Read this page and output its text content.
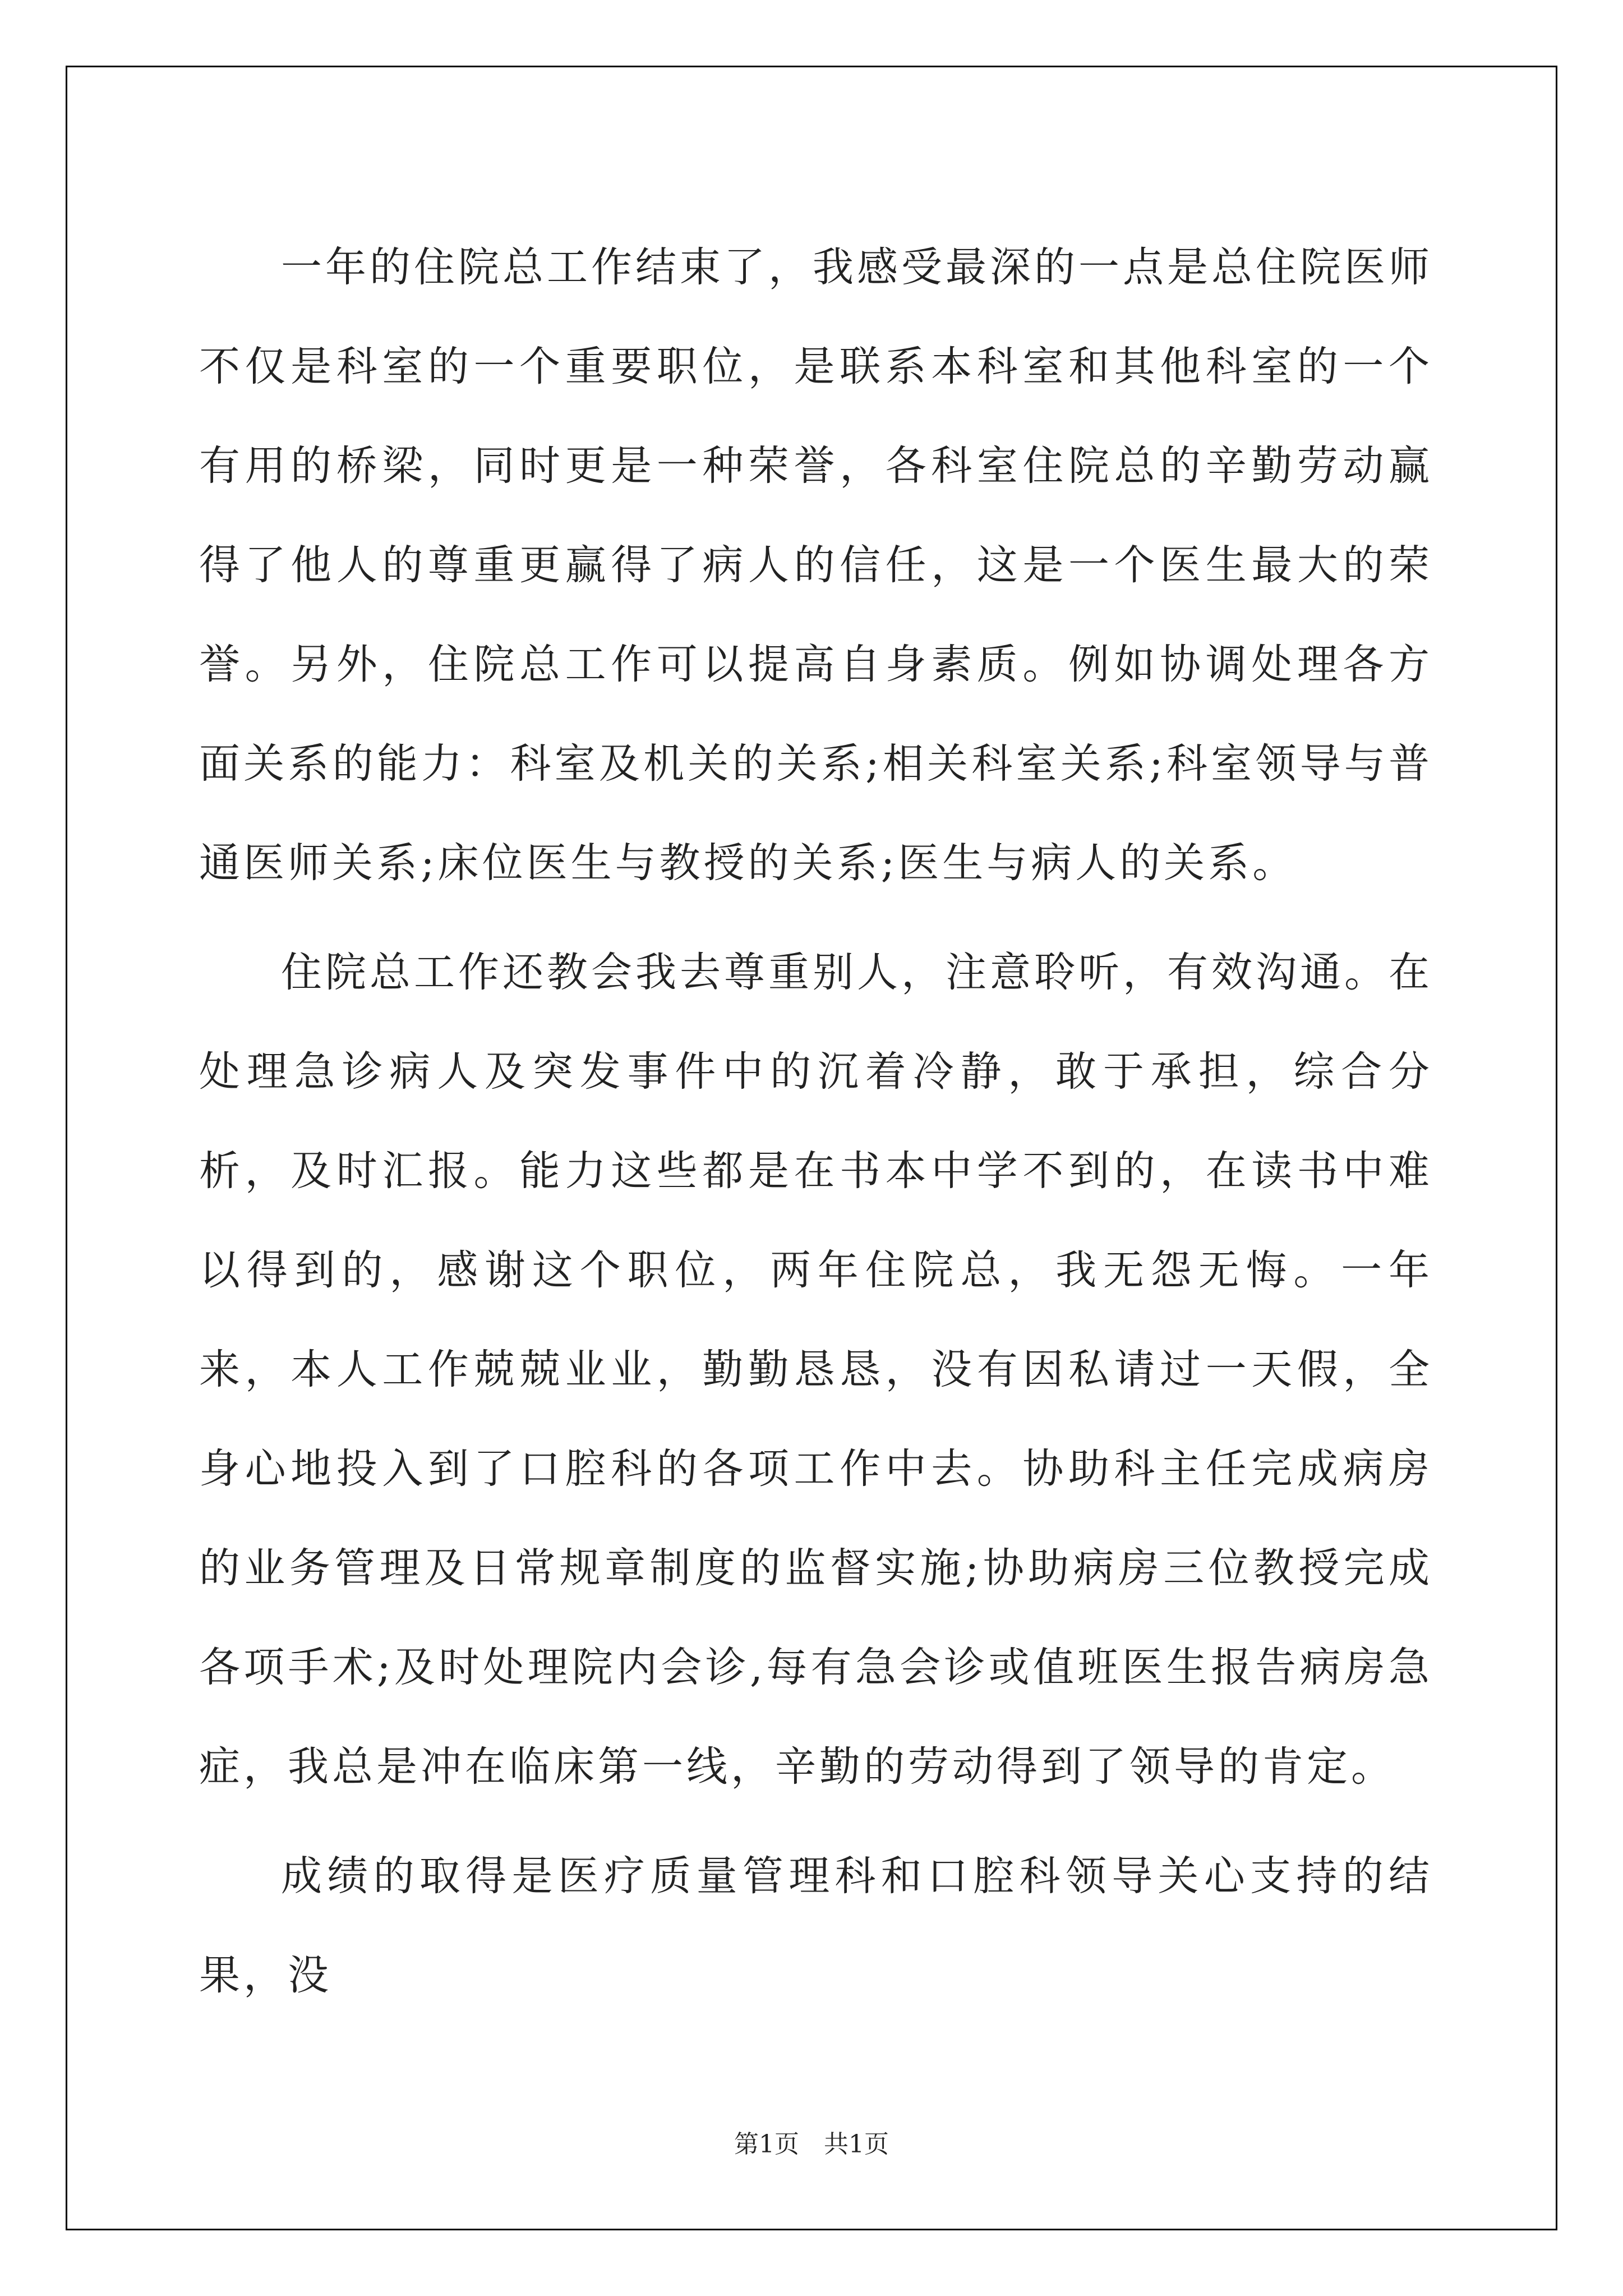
一年的住院总工作结束了，我感受最深的一点是总住院医师不仅是科室的一个重要职位，是联系本科室和其他科室的一个有用的桥梁，同时更是一种荣誉，各科室住院总的辛勤劳动赢得了他人的尊重更赢得了病人的信任，这是一个医生最大的荣誉。另外，住院总工作可以提高自身素质。例如协调处理各方面关系的能力：科室及机关的关系;相关科室关系;科室领导与普通医师关系;床位医生与教授的关系;医生与病人的关系。

住院总工作还教会我去尊重别人，注意聆听，有效沟通。在处理急诊病人及突发事件中的沉着冷静，敢于承担，综合分析，及时汇报。能力这些都是在书本中学不到的，在读书中难以得到的，感谢这个职位，两年住院总，我无怨无悔。一年来，本人工作兢兢业业，勤勤恳恳，没有因私请过一天假，全身心地投入到了口腔科的各项工作中去。协助科主任完成病房的业务管理及日常规章制度的监督实施;协助病房三位教授完成各项手术;及时处理院内会诊,每有急会诊或值班医生报告病房急症，我总是冲在临床第一线，辛勤的劳动得到了领导的肯定。

成绩的取得是医疗质量管理科和口腔科领导关心支持的结果，没

第1页 共1页
